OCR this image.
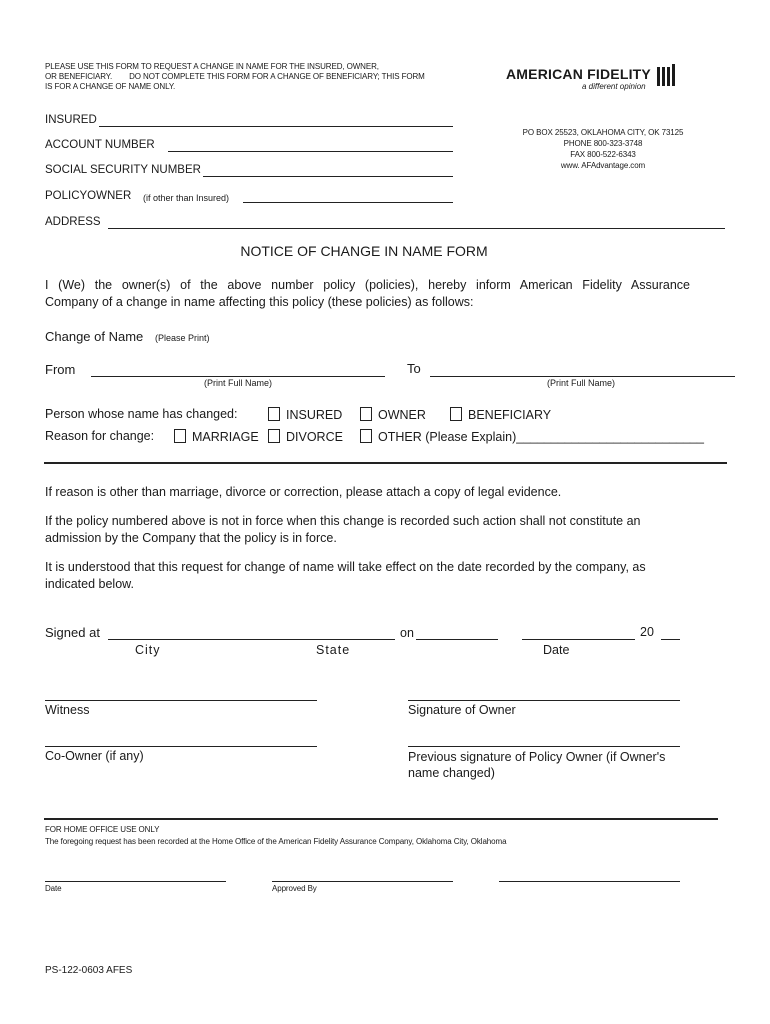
PLEASE USE THIS FORM TO REQUEST A CHANGE IN NAME FOR THE INSURED, OWNER,
OR BENEFICIARY.        DO NOT COMPLETE THIS FORM FOR A CHANGE OF BENEFICIARY; THIS FORM
IS FOR A CHANGE OF NAME ONLY.
AMERICAN FIDELITY
a different opinion
PO BOX 25523, OKLAHOMA CITY, OK 73125
PHONE 800-323-3748
FAX 800-522-6343
www. AFAdvantage.com
INSURED
ACCOUNT NUMBER
SOCIAL SECURITY NUMBER
POLICYOWNER (if other than Insured)
ADDRESS
NOTICE OF CHANGE IN NAME FORM
I (We) the owner(s) of the above number policy (policies), hereby inform American Fidelity Assurance
Company of a change in name affecting this policy (these policies) as follows:
Change of Name (Please Print)
From
(Print Full Name)
To
(Print Full Name)
Person whose name has changed:	INSURED	OWNER	BENEFICIARY
Reason for change:	MARRIAGE	DIVORCE	OTHER (Please Explain)___________________________
If reason is other than marriage, divorce or correction, please attach a copy of legal evidence.
If the policy numbered above is not in force when this change is recorded such action shall not constitute an
admission by the Company that the policy is in force.
It is understood that this request for change of name will take effect on the date recorded by the company, as
indicated below.
Signed at	on	20
City	State	Date
Witness	Signature of Owner
Co-Owner (if any)	Previous signature of Policy Owner (if Owner's
name changed)
FOR HOME OFFICE USE ONLY
The foregoing request has been recorded at the Home Office of the American Fidelity Assurance Company, Oklahoma City, Oklahoma
Date	Approved By
PS-122-0603 AFES
